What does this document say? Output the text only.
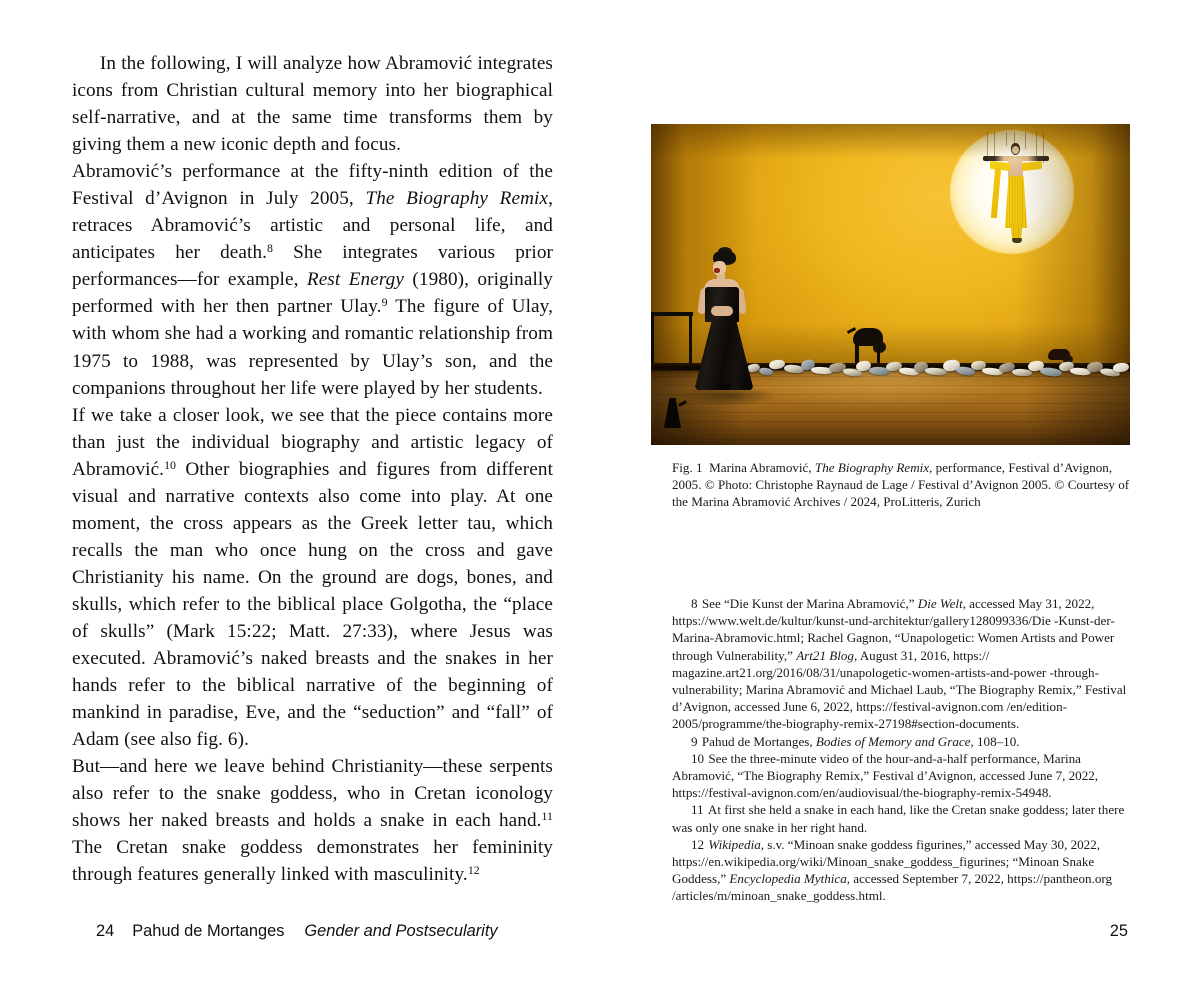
In the following, I will analyze how Abramović integrates icons from Christian cultural memory into her biographical self-narrative, and at the same time transforms them by giving them a new iconic depth and focus.

Abramović’s performance at the fifty-ninth edition of the Festival d’Avignon in July 2005, The Biography Remix, retraces Abramović’s artistic and personal life, and anticipates her death.$^8$ She integrates various prior performances—for example, Rest Energy (1980), originally performed with her then partner Ulay.$^9$ The figure of Ulay, with whom she had a working and romantic relationship from 1975 to 1988, was represented by Ulay’s son, and the companions throughout her life were played by her students.

If we take a closer look, we see that the piece contains more than just the individual biography and artistic legacy of Abramović.$^{10}$ Other biographies and figures from different visual and narrative contexts also come into play. At one moment, the cross appears as the Greek letter tau, which recalls the man who once hung on the cross and gave Christianity his name. On the ground are dogs, bones, and skulls, which refer to the biblical place Golgotha, the “place of skulls” (Mark 15:22; Matt. 27:33), where Jesus was executed. Abramović’s naked breasts and the snakes in her hands refer to the biblical narrative of the beginning of mankind in paradise, Eve, and the “seduction” and “fall” of Adam (see also fig. 6).

But—and here we leave behind Christianity—these serpents also refer to the snake goddess, who in Cretan iconology shows her naked breasts and holds a snake in each hand.$^{11}$ The Cretan snake goddess demonstrates her femininity through features generally linked with masculinity.$^{12}$

Fig. 1 Marina Abramović, The Biography Remix, performance, Festival d’Avignon, 2005. © Photo: Christophe Raynaud de Lage / Festival d’Avignon 2005. © Courtesy of the Marina Abramović Archives / 2024, ProLitteris, Zurich

8 See “Die Kunst der Marina Abramović,” Die Welt, accessed May 31, 2022, https://www.welt.de/kultur/kunst-und-architektur/gallery128099336/Die -Kunst-der-Marina-Abramovic.html; Rachel Gagnon, “Unapologetic: Women Artists and Power through Vulnerability,” Art21 Blog, August 31, 2016, https:// magazine.art21.org/2016/08/31/unapologetic-women-artists-and-power -through-vulnerability; Marina Abramović and Michael Laub, “The Biography Remix,” Festival d’Avignon, accessed June 6, 2022, https://festival-avignon.com /en/edition-2005/programme/the-biography-remix-27198#section-documents.

9 Pahud de Mortanges, Bodies of Memory and Grace, 108–10.

10 See the three-minute video of the hour-and-a-half performance, Marina Abramović, “The Biography Remix,” Festival d’Avignon, accessed June 7, 2022, https://festival-avignon.com/en/audiovisual/the-biography-remix-54948.

11 At first she held a snake in each hand, like the Cretan snake goddess; later there was only one snake in her right hand.

12 Wikipedia, s.v. “Minoan snake goddess figurines,” accessed May 30, 2022, https://en.wikipedia.org/wiki/Minoan_snake_goddess_figurines; “Minoan Snake Goddess,” Encyclopedia Mythica, accessed September 7, 2022, https://pantheon.org /articles/m/minoan_snake_goddess.html.

24 Pahud de Mortanges Gender and Postsecularity	25
